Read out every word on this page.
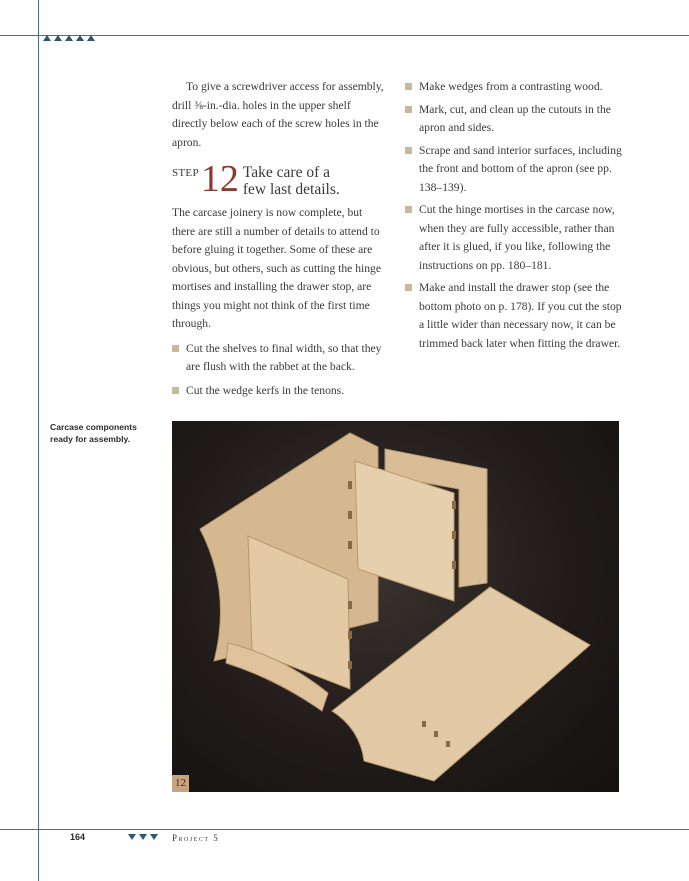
To give a screwdriver access for assembly, drill ⅜-in.-dia. holes in the upper shelf directly below each of the screw holes in the apron.

STEP 12 Take care of a
few last details.

The carcase joinery is now complete, but there are still a number of details to attend to before gluing it together. Some of these are obvious, but others, such as cutting the hinge mortises and installing the drawer stop, are things you might not think of the first time through.

Cut the shelves to final width, so that they are flush with the rabbet at the back.
Cut the wedge kerfs in the tenons.
Make wedges from a contrasting wood.
Mark, cut, and clean up the cutouts in the apron and sides.
Scrape and sand interior surfaces, including the front and bottom of the apron (see pp. 138–139).
Cut the hinge mortises in the carcase now, when they are fully accessible, rather than after it is glued, if you like, following the instructions on pp. 180–181.
Make and install the drawer stop (see the bottom photo on p. 178). If you cut the stop a little wider than necessary now, it can be trimmed back later when fitting the drawer.
Carcase components ready for assembly.
12
164	Project 5
